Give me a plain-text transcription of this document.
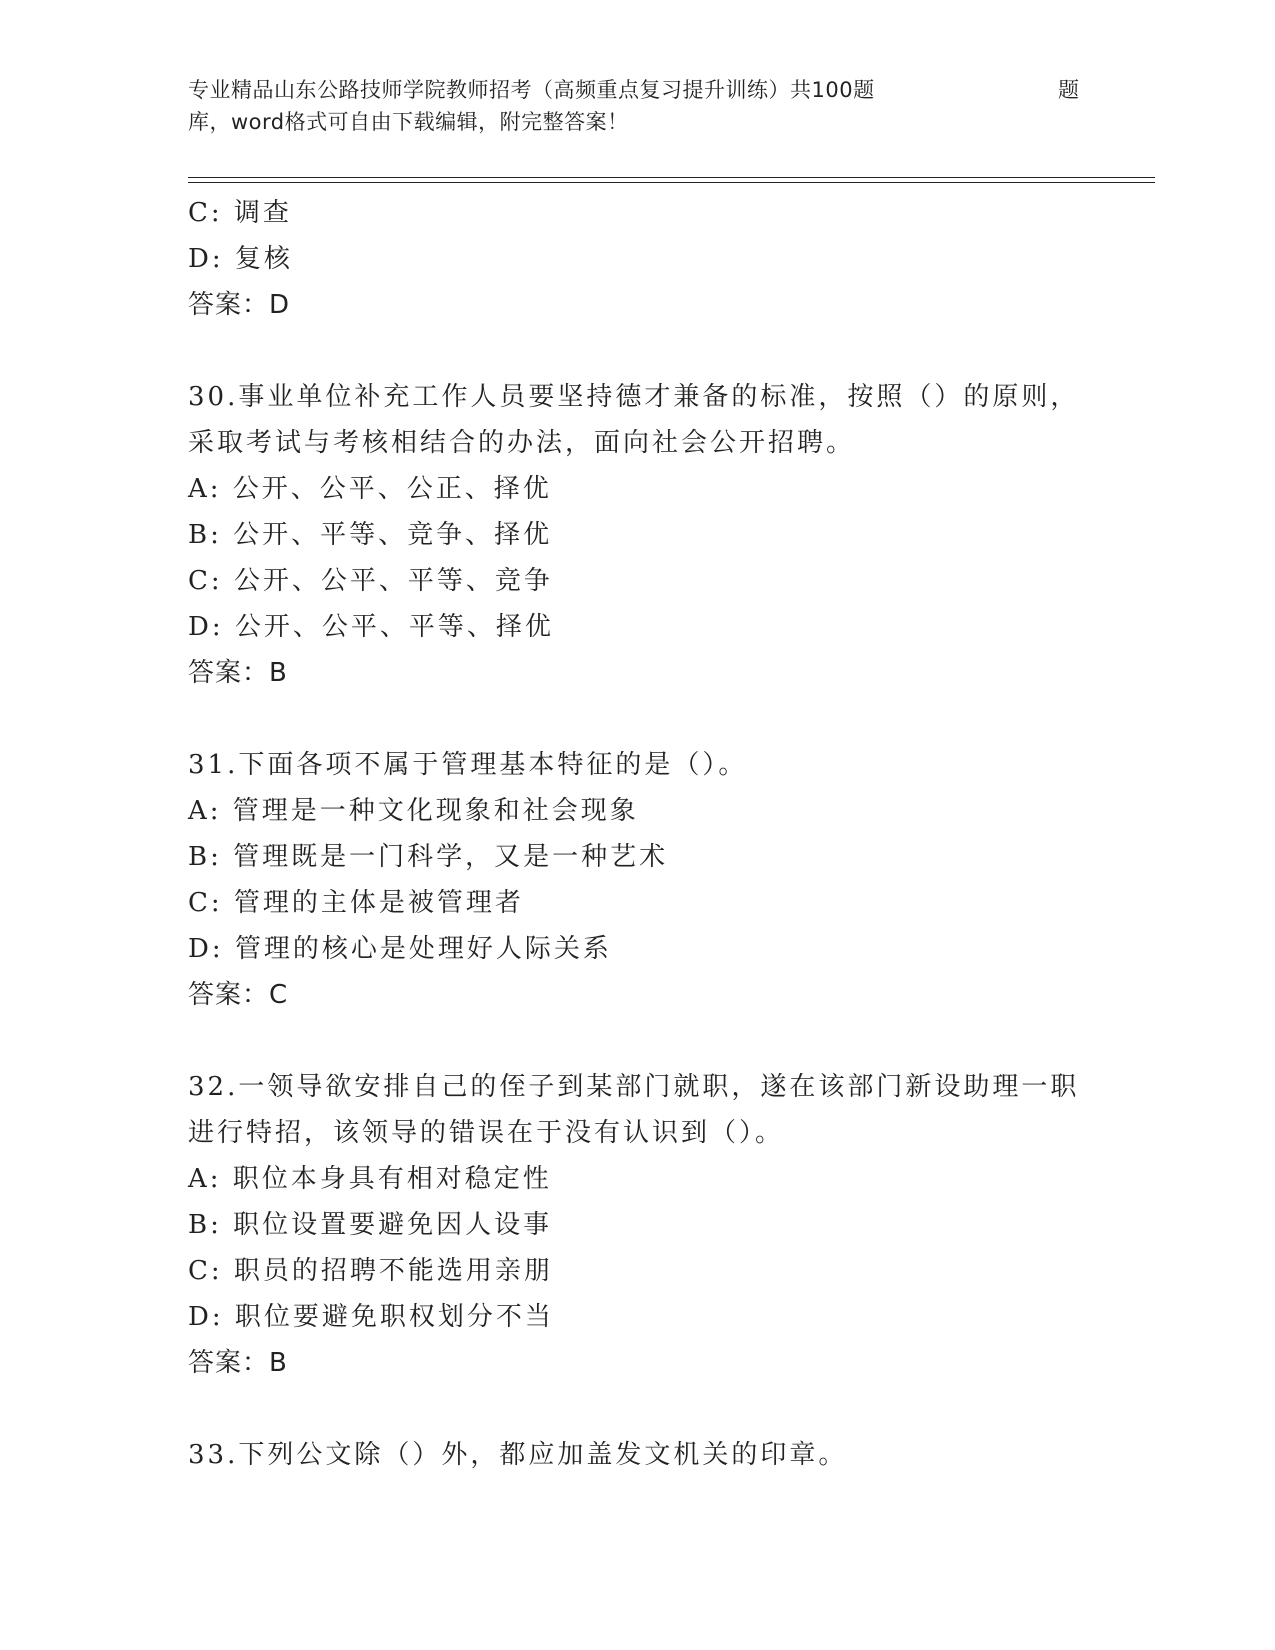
专业精品山东公路技师学院教师招考（高频重点复习提升训练）共100题	题
库，word格式可自由下载编辑，附完整答案！
C: 调查
D: 复核
答案：D
30.事业单位补充工作人员要坚持德才兼备的标准，按照（）的原则，
采取考试与考核相结合的办法，面向社会公开招聘。
A: 公开、公平、公正、择优
B: 公开、平等、竞争、择优
C: 公开、公平、平等、竞争
D: 公开、公平、平等、择优
答案：B
31.下面各项不属于管理基本特征的是（）。
A: 管理是一种文化现象和社会现象
B: 管理既是一门科学，又是一种艺术
C: 管理的主体是被管理者
D: 管理的核心是处理好人际关系
答案：C
32.一领导欲安排自己的侄子到某部门就职，遂在该部门新设助理一职
进行特招，该领导的错误在于没有认识到（）。
A: 职位本身具有相对稳定性
B: 职位设置要避免因人设事
C: 职员的招聘不能选用亲朋
D: 职位要避免职权划分不当
答案：B
33.下列公文除（）外，都应加盖发文机关的印章。
